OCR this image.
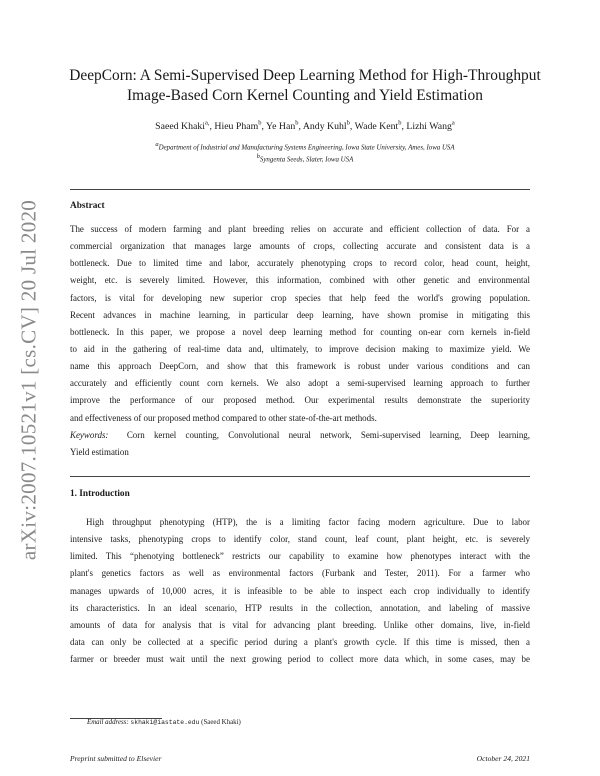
arXiv:2007.10521v1 [cs.CV] 20 Jul 2020
DeepCorn: A Semi-Supervised Deep Learning Method for High-Throughput
Image-Based Corn Kernel Counting and Yield Estimation
Saeed Khaki$^{a,}$, Hieu Pham$^b$, Ye Han$^b$, Andy Kuhl$^b$, Wade Kent$^b$, Lizhi Wang$^a$
$^a$Department of Industrial and Manufacturing Systems Engineering, Iowa State University, Ames, Iowa USA
$^b$Syngenta Seeds, Slater, Iowa USA
Abstract
The success of modern farming and plant breeding relies on accurate and efficient collection of data. For a
commercial organization that manages large amounts of crops, collecting accurate and consistent data is a
bottleneck. Due to limited time and labor, accurately phenotyping crops to record color, head count, height,
weight, etc. is severely limited. However, this information, combined with other genetic and environmental
factors, is vital for developing new superior crop species that help feed the world's growing population.
Recent advances in machine learning, in particular deep learning, have shown promise in mitigating this
bottleneck. In this paper, we propose a novel deep learning method for counting on-ear corn kernels in-field
to aid in the gathering of real-time data and, ultimately, to improve decision making to maximize yield. We
name this approach DeepCorn, and show that this framework is robust under various conditions and can
accurately and efficiently count corn kernels. We also adopt a semi-supervised learning approach to further
improve the performance of our proposed method. Our experimental results demonstrate the superiority
and effectiveness of our proposed method compared to other state-of-the-art methods.
Keywords: Corn kernel counting, Convolutional neural network, Semi-supervised learning, Deep learning,
Yield estimation
1. Introduction
High throughput phenotyping (HTP), the is a limiting factor facing modern agriculture. Due to labor
intensive tasks, phenotyping crops to identify color, stand count, leaf count, plant height, etc. is severely
limited. This “phenotying bottleneck” restricts our capability to examine how phenotypes interact with the
plant's genetics factors as well as environmental factors (Furbank and Tester, 2011). For a farmer who
manages upwards of 10,000 acres, it is infeasible to be able to inspect each crop individually to identify
its characteristics. In an ideal scenario, HTP results in the collection, annotation, and labeling of massive
amounts of data for analysis that is vital for advancing plant breeding. Unlike other domains, live, in-field
data can only be collected at a specific period during a plant's growth cycle. If this time is missed, then a
farmer or breeder must wait until the next growing period to collect more data which, in some cases, may be
Email address: skhaki@iastate.edu (Saeed Khaki)
Preprint submitted to Elsevier	October 24, 2021
